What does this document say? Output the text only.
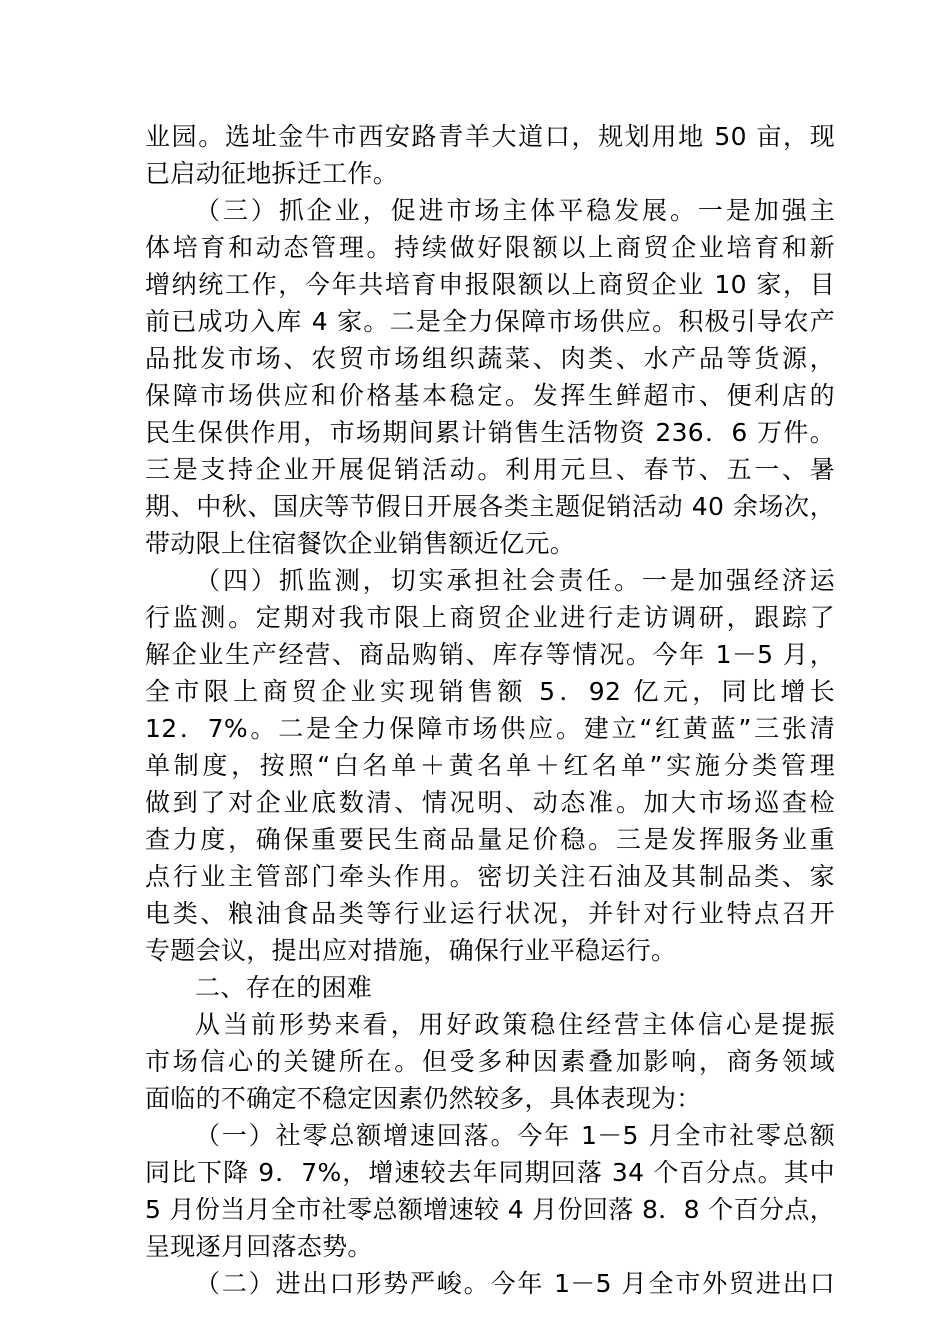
业园。选址金牛市西安路青羊大道口，规划用地 50 亩，现
已启动征地拆迁工作。
（三）抓企业，促进市场主体平稳发展。一是加强主
体培育和动态管理。持续做好限额以上商贸企业培育和新
增纳统工作，今年共培育申报限额以上商贸企业 10 家，目
前已成功入库 4 家。二是全力保障市场供应。积极引导农产
品批发市场、农贸市场组织蔬菜、肉类、水产品等货源，
保障市场供应和价格基本稳定。发挥生鲜超市、便利店的
民生保供作用，市场期间累计销售生活物资 236．6 万件。
三是支持企业开展促销活动。利用元旦、春节、五一、暑
期、中秋、国庆等节假日开展各类主题促销活动 40 余场次，
带动限上住宿餐饮企业销售额近亿元。
（四）抓监测，切实承担社会责任。一是加强经济运
行监测。定期对我市限上商贸企业进行走访调研，跟踪了
解企业生产经营、商品购销、库存等情况。今年 1－5 月，
全市限上商贸企业实现销售额 5．92 亿元，同比增长
12．7%。二是全力保障市场供应。建立“红黄蓝”三张清
单制度，按照“白名单＋黄名单＋红名单”实施分类管理
做到了对企业底数清、情况明、动态准。加大市场巡查检
查力度，确保重要民生商品量足价稳。三是发挥服务业重
点行业主管部门牵头作用。密切关注石油及其制品类、家
电类、粮油食品类等行业运行状况，并针对行业特点召开
专题会议，提出应对措施，确保行业平稳运行。
二、存在的困难
从当前形势来看，用好政策稳住经营主体信心是提振
市场信心的关键所在。但受多种因素叠加影响，商务领域
面临的不确定不稳定因素仍然较多，具体表现为：
（一）社零总额增速回落。今年 1－5 月全市社零总额
同比下降 9．7%，增速较去年同期回落 34 个百分点。其中
5 月份当月全市社零总额增速较 4 月份回落 8．8 个百分点，
呈现逐月回落态势。
（二）进出口形势严峻。今年 1－5 月全市外贸进出口
